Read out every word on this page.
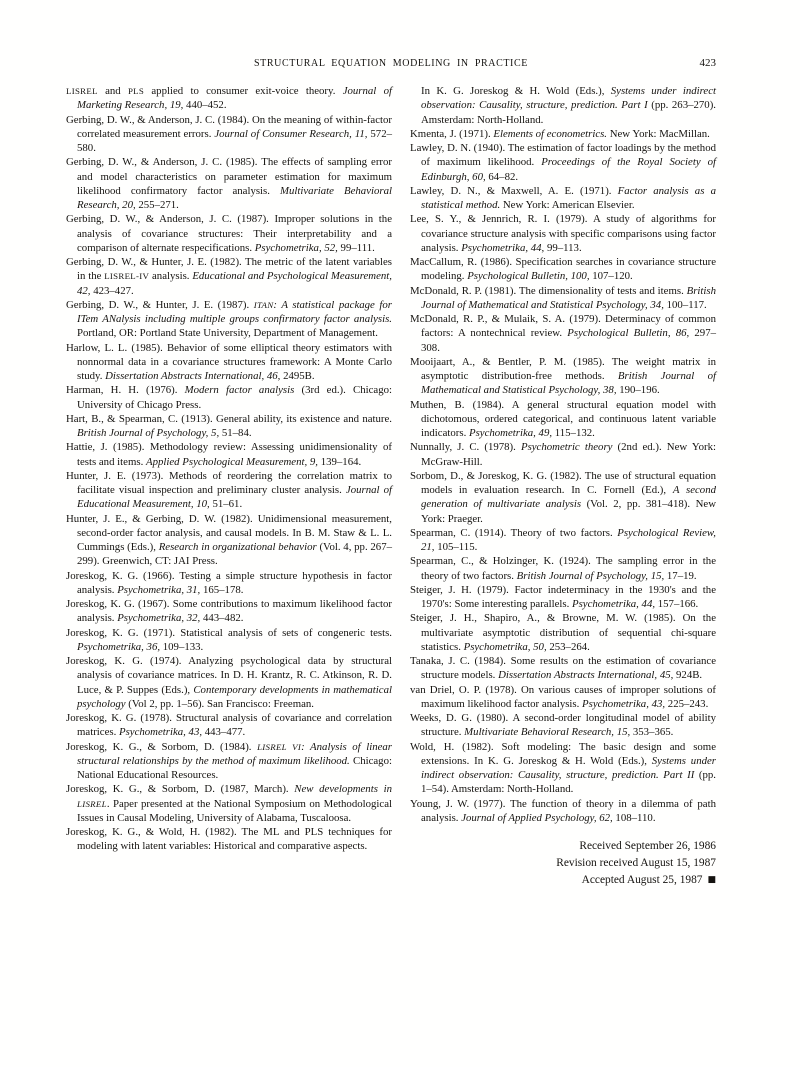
STRUCTURAL EQUATION MODELING IN PRACTICE	423

LISREL and PLS applied to consumer exit-voice theory. Journal of Marketing Research, 19, 440–452.

Gerbing, D. W., & Anderson, J. C. (1984). On the meaning of within-factor correlated measurement errors. Journal of Consumer Research, 11, 572–580.

Gerbing, D. W., & Anderson, J. C. (1985). The effects of sampling error and model characteristics on parameter estimation for maximum likelihood confirmatory factor analysis. Multivariate Behavioral Research, 20, 255–271.

Gerbing, D. W., & Anderson, J. C. (1987). Improper solutions in the analysis of covariance structures: Their interpretability and a comparison of alternate respecifications. Psychometrika, 52, 99–111.

Gerbing, D. W., & Hunter, J. E. (1982). The metric of the latent variables in the LISREL-IV analysis. Educational and Psychological Measurement, 42, 423–427.

Gerbing, D. W., & Hunter, J. E. (1987). ITAN: A statistical package for ITem ANalysis including multiple groups confirmatory factor analysis. Portland, OR: Portland State University, Department of Management.

Harlow, L. L. (1985). Behavior of some elliptical theory estimators with nonnormal data in a covariance structures framework: A Monte Carlo study. Dissertation Abstracts International, 46, 2495B.

Harman, H. H. (1976). Modern factor analysis (3rd ed.). Chicago: University of Chicago Press.

Hart, B., & Spearman, C. (1913). General ability, its existence and nature. British Journal of Psychology, 5, 51–84.

Hattie, J. (1985). Methodology review: Assessing unidimensionality of tests and items. Applied Psychological Measurement, 9, 139–164.

Hunter, J. E. (1973). Methods of reordering the correlation matrix to facilitate visual inspection and preliminary cluster analysis. Journal of Educational Measurement, 10, 51–61.

Hunter, J. E., & Gerbing, D. W. (1982). Unidimensional measurement, second-order factor analysis, and causal models. In B. M. Staw & L. L. Cummings (Eds.), Research in organizational behavior (Vol. 4, pp. 267–299). Greenwich, CT: JAI Press.

Joreskog, K. G. (1966). Testing a simple structure hypothesis in factor analysis. Psychometrika, 31, 165–178.

Joreskog, K. G. (1967). Some contributions to maximum likelihood factor analysis. Psychometrika, 32, 443–482.

Joreskog, K. G. (1971). Statistical analysis of sets of congeneric tests. Psychometrika, 36, 109–133.

Joreskog, K. G. (1974). Analyzing psychological data by structural analysis of covariance matrices. In D. H. Krantz, R. C. Atkinson, R. D. Luce, & P. Suppes (Eds.), Contemporary developments in mathematical psychology (Vol 2, pp. 1–56). San Francisco: Freeman.

Joreskog, K. G. (1978). Structural analysis of covariance and correlation matrices. Psychometrika, 43, 443–477.

Joreskog, K. G., & Sorbom, D. (1984). LISREL VI: Analysis of linear structural relationships by the method of maximum likelihood. Chicago: National Educational Resources.

Joreskog, K. G., & Sorbom, D. (1987, March). New developments in LISREL. Paper presented at the National Symposium on Methodological Issues in Causal Modeling, University of Alabama, Tuscaloosa.

Joreskog, K. G., & Wold, H. (1982). The ML and PLS techniques for modeling with latent variables: Historical and comparative aspects.

In K. G. Joreskog & H. Wold (Eds.), Systems under indirect observation: Causality, structure, prediction. Part I (pp. 263–270). Amsterdam: North-Holland.

Kmenta, J. (1971). Elements of econometrics. New York: MacMillan.

Lawley, D. N. (1940). The estimation of factor loadings by the method of maximum likelihood. Proceedings of the Royal Society of Edinburgh, 60, 64–82.

Lawley, D. N., & Maxwell, A. E. (1971). Factor analysis as a statistical method. New York: American Elsevier.

Lee, S. Y., & Jennrich, R. I. (1979). A study of algorithms for covariance structure analysis with specific comparisons using factor analysis. Psychometrika, 44, 99–113.

MacCallum, R. (1986). Specification searches in covariance structure modeling. Psychological Bulletin, 100, 107–120.

McDonald, R. P. (1981). The dimensionality of tests and items. British Journal of Mathematical and Statistical Psychology, 34, 100–117.

McDonald, R. P., & Mulaik, S. A. (1979). Determinacy of common factors: A nontechnical review. Psychological Bulletin, 86, 297–308.

Mooijaart, A., & Bentler, P. M. (1985). The weight matrix in asymptotic distribution-free methods. British Journal of Mathematical and Statistical Psychology, 38, 190–196.

Muthen, B. (1984). A general structural equation model with dichotomous, ordered categorical, and continuous latent variable indicators. Psychometrika, 49, 115–132.

Nunnally, J. C. (1978). Psychometric theory (2nd ed.). New York: McGraw-Hill.

Sorbom, D., & Joreskog, K. G. (1982). The use of structural equation models in evaluation research. In C. Fornell (Ed.), A second generation of multivariate analysis (Vol. 2, pp. 381–418). New York: Praeger.

Spearman, C. (1914). Theory of two factors. Psychological Review, 21, 105–115.

Spearman, C., & Holzinger, K. (1924). The sampling error in the theory of two factors. British Journal of Psychology, 15, 17–19.

Steiger, J. H. (1979). Factor indeterminacy in the 1930's and the 1970's: Some interesting parallels. Psychometrika, 44, 157–166.

Steiger, J. H., Shapiro, A., & Browne, M. W. (1985). On the multivariate asymptotic distribution of sequential chi-square statistics. Psychometrika, 50, 253–264.

Tanaka, J. C. (1984). Some results on the estimation of covariance structure models. Dissertation Abstracts International, 45, 924B.

van Driel, O. P. (1978). On various causes of improper solutions of maximum likelihood factor analysis. Psychometrika, 43, 225–243.

Weeks, D. G. (1980). A second-order longitudinal model of ability structure. Multivariate Behavioral Research, 15, 353–365.

Wold, H. (1982). Soft modeling: The basic design and some extensions. In K. G. Joreskog & H. Wold (Eds.), Systems under indirect observation: Causality, structure, prediction. Part II (pp. 1–54). Amsterdam: North-Holland.

Young, J. W. (1977). The function of theory in a dilemma of path analysis. Journal of Applied Psychology, 62, 108–110.

Received September 26, 1986
Revision received August 15, 1987
Accepted August 25, 1987 ■
